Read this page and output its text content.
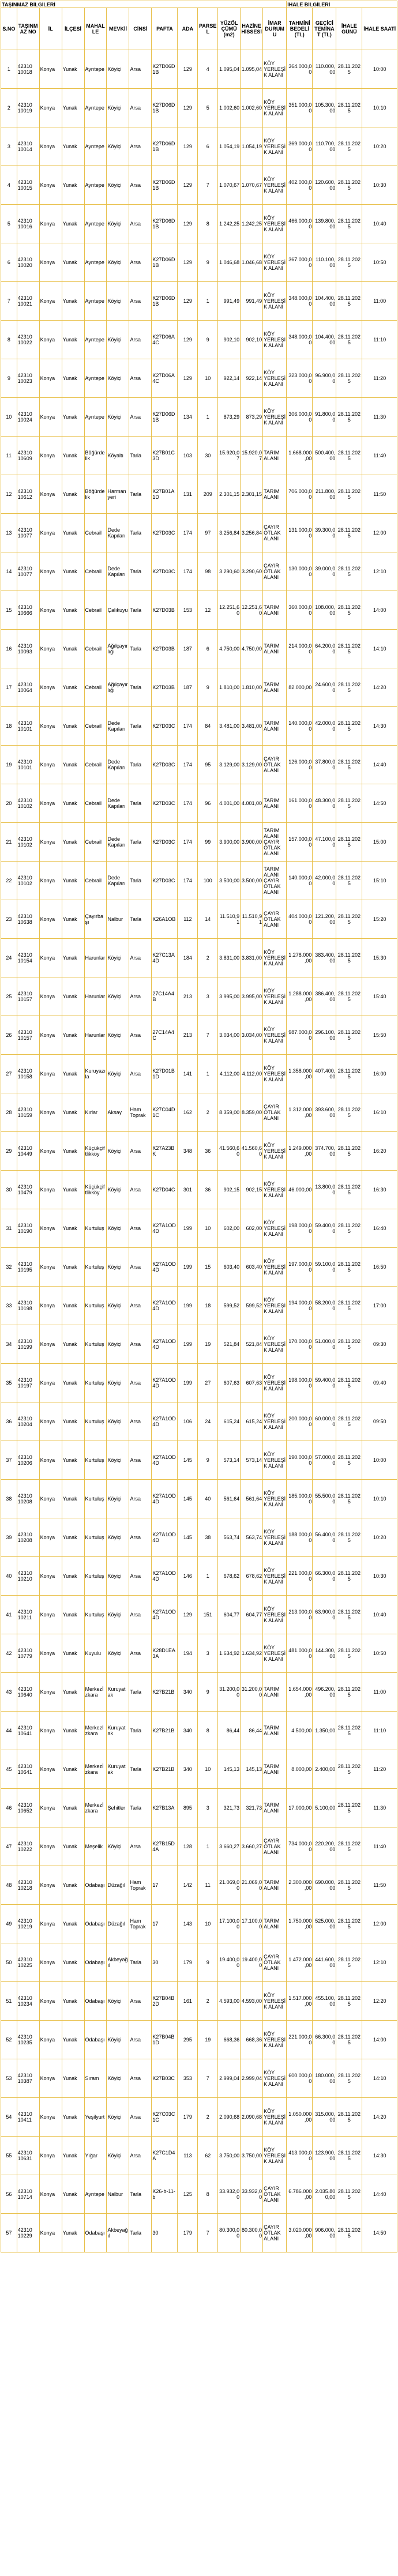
TAŞINMAZ BİLGİLERİ													İHALE BİLGİLERİ			
S.NO	TAŞINMAZ NO	İL	İLÇESİ	MAHALLE	MEVKİİ	CİNSİ	PAFTA	ADA	PARSEL	YÜZÖLÇÜMÜ (m2)	HAZİNE HİSSESİ	İMAR DURUMU	TAHMİNİ BEDELİ (TL)	GEÇİCİ TEMİNAT (TL)	İHALE GÜNÜ	İHALE SAATİ
1	42310 10018	Konya	Yunak	Ayrıtepe	Köyiçi	Arsa	K27D06D1B	129	4	1.095,04	1.095,04	KÖY YERLEŞİK ALANI	364.000,00	110.000,00	28.11.2025	10:00
2	42310 10019	Konya	Yunak	Ayrıtepe	Köyiçi	Arsa	K27D06D1B	129	5	1.002,60	1.002,60	KÖY YERLEŞİK ALANI	351.000,00	105.300,00	28.11.2025	10:10
3	42310 10014	Konya	Yunak	Ayrıtepe	Köyiçi	Arsa	K27D06D1B	129	6	1.054,19	1.054,19	KÖY YERLEŞİK ALANI	369.000,00	110.700,00	28.11.2025	10:20
4	42310 10015	Konya	Yunak	Ayrıtepe	Köyiçi	Arsa	K27D06D1B	129	7	1.070,67	1.070,67	KÖY YERLEŞİK ALANI	402.000,00	120.600,00	28.11.2025	10:30
5	42310 10016	Konya	Yunak	Ayrıtepe	Köyiçi	Arsa	K27D06D1B	129	8	1.242,25	1.242,25	KÖY YERLEŞİK ALANI	466.000,00	139.800,00	28.11.2025	10:40
6	42310 10020	Konya	Yunak	Ayrıtepe	Köyiçi	Arsa	K27D06D1B	129	9	1.046,68	1.046,68	KÖY YERLEŞİK ALANI	367.000,00	110.100,00	28.11.2025	10:50
7	42310 10021	Konya	Yunak	Ayrıtepe	Köyiçi	Arsa	K27D06D1B	129	1	991,49	991,49	KÖY YERLEŞİK ALANI	348.000,00	104.400,00	28.11.2025	11:00
8	42310 10022	Konya	Yunak	Ayrıtepe	Köyiçi	Arsa	K27D06A4C	129	9	902,10	902,10	KÖY YERLEŞİK ALANI	348.000,00	104.400,00	28.11.2025	11:10
9	42310 10023	Konya	Yunak	Ayrıtepe	Köyiçi	Arsa	K27D06A4C	129	10	922,14	922,14	KÖY YERLEŞİK ALANI	323.000,00	96.900,00	28.11.2025	11:20
10	42310 10024	Konya	Yunak	Ayrıtepe	Köyiçi	Arsa	K27D06D1B	134	1	873,29	873,29	KÖY YERLEŞİK ALANI	306.000,00	91.800,00	28.11.2025	11:30
11	42310 10609	Konya	Yunak	Böğürdelik	Köyaltı	Tarla	K27B01C3D	103	30	15.920,07	15.920,07	TARIM ALANI	1.668.000,00	500.400,00	28.11.2025	11:40
12	42310 10612	Konya	Yunak	Böğürdelik	Harmanyeri	Tarla	K27B01A1D	131	209	2.301,15	2.301,15	TARIM ALANI	706.000,00	211.800,00	28.11.2025	11:50
13	42310 10077	Konya	Yunak	Cebrail	Dede Kapıları	Tarla	K27D03C	174	97	3.256,84	3.256,84	ÇAYIR OTLAK ALANI	131.000,00	39.300,00	28.11.2025	12:00
14	42310 10077	Konya	Yunak	Cebrail	Dede Kapıları	Tarla	K27D03C	174	98	3.290,60	3.290,60	ÇAYIR OTLAK ALANI	130.000,00	39.000,00	28.11.2025	12:10
15	42310 10666	Konya	Yunak	Cebrail	Çalıkuyu	Tarla	K27D03B	153	12	12.251,60	12.251,60	TARIM ALANI	360.000,00	108.000,00	28.11.2025	14:00
16	42310 10093	Konya	Yunak	Cebrail	Ağılçayırlığı	Tarla	K27D03B	187	6	4.750,00	4.750,00	TARIM ALANI	214.000,00	64.200,00	28.11.2025	14:10
17	42310 10064	Konya	Yunak	Cebrail	Ağılçayırlığı	Tarla	K27D03B	187	9	1.810,00	1.810,00	TARIM ALANI	82.000,00	24.600,00	28.11.2025	14:20
18	42310 10101	Konya	Yunak	Cebrail	Dede Kapıları	Tarla	K27D03C	174	84	3.481,00	3.481,00	TARIM ALANI	140.000,00	42.000,00	28.11.2025	14:30
19	42310 10101	Konya	Yunak	Cebrail	Dede Kapıları	Tarla	K27D03C	174	95	3.129,00	3.129,00	ÇAYIR OTLAK ALANI	126.000,00	37.800,00	28.11.2025	14:40
20	42310 10102	Konya	Yunak	Cebrail	Dede Kapıları	Tarla	K27D03C	174	96	4.001,00	4.001,00	TARIM ALANI	161.000,00	48.300,00	28.11.2025	14:50
21	42310 10102	Konya	Yunak	Cebrail	Dede Kapıları	Tarla	K27D03C	174	99	3.900,00	3.900,00	TARIM ALANI ÇAYIR OTLAK ALANI	157.000,00	47.100,00	28.11.2025	15:00
22	42310 10102	Konya	Yunak	Cebrail	Dede Kapıları	Tarla	K27D03C	174	100	3.500,00	3.500,00	TARIM ALANI ÇAYIR OTLAK ALANI	140.000,00	42.000,00	28.11.2025	15:10
23	42310 10638	Konya	Yunak	Çayırbaşı	Nalbur	Tarla	K26A1OB	112	14	11.510,91	11.510,91	ÇAYIR OTLAK ALANI	404.000,00	121.200,00	28.11.2025	15:20
24	42310 10154	Konya	Yunak	Harunlar	Köyiçi	Arsa	K27C13A4D	184	2	3.831,00	3.831,00	KÖY YERLEŞİK ALANI	1.278.000,00	383.400,00	28.11.2025	15:30
25	42310 10157	Konya	Yunak	Harunlar	Köyiçi	Arsa	27C14A4B	213	3	3.995,00	3.995,00	KÖY YERLEŞİK ALANI	1.288.000,00	386.400,00	28.11.2025	15:40
26	42310 10157	Konya	Yunak	Harunlar	Köyiçi	Arsa	27C14A4C	213	7	3.034,00	3.034,00	KÖY YERLEŞİK ALANI	987.000,00	296.100,00	28.11.2025	15:50
27	42310 10158	Konya	Yunak	Kuruyazıla	Köyiçi	Arsa	K27D01B1D	141	1	4.112,00	4.112,00	KÖY YERLEŞİK ALANI	1.358.000,00	407.400,00	28.11.2025	16:00
28	42310 10159	Konya	Yunak	Kırlar	Aksay	Ham Toprak	K27C04D1C	162	2	8.359,00	8.359,00	ÇAYIR OTLAK ALANI	1.312.000,00	393.600,00	28.11.2025	16:10
29	42310 10449	Konya	Yunak	Küçükçiftlikköy	Köyiçi	Arsa	K27A23BK	348	36	41.560,60	41.560,60	KÖY YERLEŞİK ALANI	1.249.000,00	374.700,00	28.11.2025	16:20
30	42310 10479	Konya	Yunak	Küçükçiftlikköy	Köyiçi	Arsa	K27D04C	301	36	902,15	902,15	KÖY YERLEŞİK ALANI	46.000,00	13.800,00	28.11.2025	16:30
31	42310 10190	Konya	Yunak	Kurtuluş	Köyiçi	Arsa	K27A1OD4D	199	10	602,00	602,00	KÖY YERLEŞİK ALANI	198.000,00	59.400,00	28.11.2025	16:40
32	42310 10195	Konya	Yunak	Kurtuluş	Köyiçi	Arsa	K27A1OD4D	199	15	603,40	603,40	KÖY YERLEŞİK ALANI	197.000,00	59.100,00	28.11.2025	16:50
33	42310 10198	Konya	Yunak	Kurtuluş	Köyiçi	Arsa	K27A1OD4D	199	18	599,52	599,52	KÖY YERLEŞİK ALANI	194.000,00	58.200,00	28.11.2025	17:00
34	42310 10199	Konya	Yunak	Kurtuluş	Köyiçi	Arsa	K27A1OD4D	199	19	521,84	521,84	KÖY YERLEŞİK ALANI	170.000,00	51.000,00	28.11.2025	09:30
35	42310 10197	Konya	Yunak	Kurtuluş	Köyiçi	Arsa	K27A1OD4D	199	27	607,63	607,63	KÖY YERLEŞİK ALANI	198.000,00	59.400,00	28.11.2025	09:40
36	42310 10204	Konya	Yunak	Kurtuluş	Köyiçi	Arsa	K27A1OD4D	106	24	615,24	615,24	KÖY YERLEŞİK ALANI	200.000,00	60.000,00	28.11.2025	09:50
37	42310 10206	Konya	Yunak	Kurtuluş	Köyiçi	Arsa	K27A1OD4D	145	9	573,14	573,14	KÖY YERLEŞİK ALANI	190.000,00	57.000,00	28.11.2025	10:00
38	42310 10208	Konya	Yunak	Kurtuluş	Köyiçi	Arsa	K27A1OD4D	145	40	561,64	561,64	KÖY YERLEŞİK ALANI	185.000,00	55.500,00	28.11.2025	10:10
39	42310 10208	Konya	Yunak	Kurtuluş	Köyiçi	Arsa	K27A1OD4D	145	38	563,74	563,74	KÖY YERLEŞİK ALANI	188.000,00	56.400,00	28.11.2025	10:20
40	42310 10210	Konya	Yunak	Kurtuluş	Köyiçi	Arsa	K27A1OD4D	146	1	678,62	678,62	KÖY YERLEŞİK ALANI	221.000,00	66.300,00	28.11.2025	10:30
41	42310 10211	Konya	Yunak	Kurtuluş	Köyiçi	Arsa	K27A1OD4D	129	151	604,77	604,77	KÖY YERLEŞİK ALANI	213.000,00	63.900,00	28.11.2025	10:40
42	42310 10779	Konya	Yunak	Kuyulu	Köyiçi	Arsa	K28D1EA3A	194	3	1.634,92	1.634,92	KÖY YERLEŞİK ALANI	481.000,00	144.300,00	28.11.2025	10:50
43	42310 10640	Konya	Yunak	Merkezİzkara	Kuruyatak	Tarla	K27B21B	340	9	31.200,00	31.200,00	TARIM ALANI	1.654.000,00	496.200,00	28.11.2025	11:00
44	42310 10641	Konya	Yunak	Merkezİzkara	Kuruyatak	Tarla	K27B21B	340	8	86,44	86,44	TARIM ALANI	4.500,00	1.350,00	28.11.2025	11:10
45	42310 10641	Konya	Yunak	Merkezİzkara	Kuruyatak	Tarla	K27B21B	340	10	145,13	145,13	TARIM ALANI	8.000,00	2.400,00	28.11.2025	11:20
46	42310 10652	Konya	Yunak	Merkezİzkara	Şehitler	Tarla	K27B13A	895	3	321,73	321,73	TARIM ALANI	17.000,00	5.100,00	28.11.2025	11:30
47	42310 10222	Konya	Yunak	Meşelik	Köyiçi	Arsa	K27B15D4A	128	1	3.660,27	3.660,27	ÇAYIR OTLAK ALANI	734.000,00	220.200,00	28.11.2025	11:40
48	42310 10218	Konya	Yunak	Odabaşı	Düzağıl	Ham Toprak	17	142	11	21.069,00	21.069,00	TARIM ALANI	2.300.000,00	690.000,00	28.11.2025	11:50
49	42310 10219	Konya	Yunak	Odabaşı	Düzağıl	Ham Toprak	17	143	10	17.100,00	17.100,00	TARIM ALANI	1.750.000,00	525.000,00	28.11.2025	12:00
50	42310 10225	Konya	Yunak	Odabaşı	Akbeyağıl	Tarla	30	179	9	19.400,00	19.400,00	ÇAYIR OTLAK ALANI	1.472.000,00	441.600,00	28.11.2025	12:10
51	42310 10234	Konya	Yunak	Odabaşı	Köyiçi	Arsa	K27B04B2D	161	2	4.593,00	4.593,00	KÖY YERLEŞİK ALANI	1.517.000,00	455.100,00	28.11.2025	12:20
52	42310 10235	Konya	Yunak	Odabaşı	Köyiçi	Arsa	K27B04B1D	295	19	668,36	668,36	KÖY YERLEŞİK ALANI	221.000,00	66.300,00	28.11.2025	14:00
53	42310 10387	Konya	Yunak	Sıram	Köyiçi	Arsa	K27B03C	353	7	2.999,04	2.999,04	KÖY YERLEŞİK ALANI	600.000,00	180.000,00	28.11.2025	14:10
54	42310 10411	Konya	Yunak	Yeşilyurt	Köyiçi	Arsa	K27C03C1C	179	2	2.090,68	2.090,68	KÖY YERLEŞİK ALANI	1.050.000,00	315.000,00	28.11.2025	14:20
55	42310 10631	Konya	Yunak	Yığar	Köyiçi	Arsa	K27C1D4A	113	62	3.750,00	3.750,00	KÖY YERLEŞİK ALANI	413.000,00	123.900,00	28.11.2025	14:30
56	42310 10714	Konya	Yunak	Ayrıtepe	Nalbur	Tarla	K26-b-11-b	125	8	33.932,00	33.932,00	ÇAYIR OTLAK ALANI	6.786.000,00	2.035.800,00	28.11.2025	14:40
57	42310 10229	Konya	Yunak	Odabaşı	Akbeyağıl	Tarla	30	179	7	80.300,00	80.300,00	ÇAYIR OTLAK ALANI	3.020.000,00	906.000,00	28.11.2025	14:50
